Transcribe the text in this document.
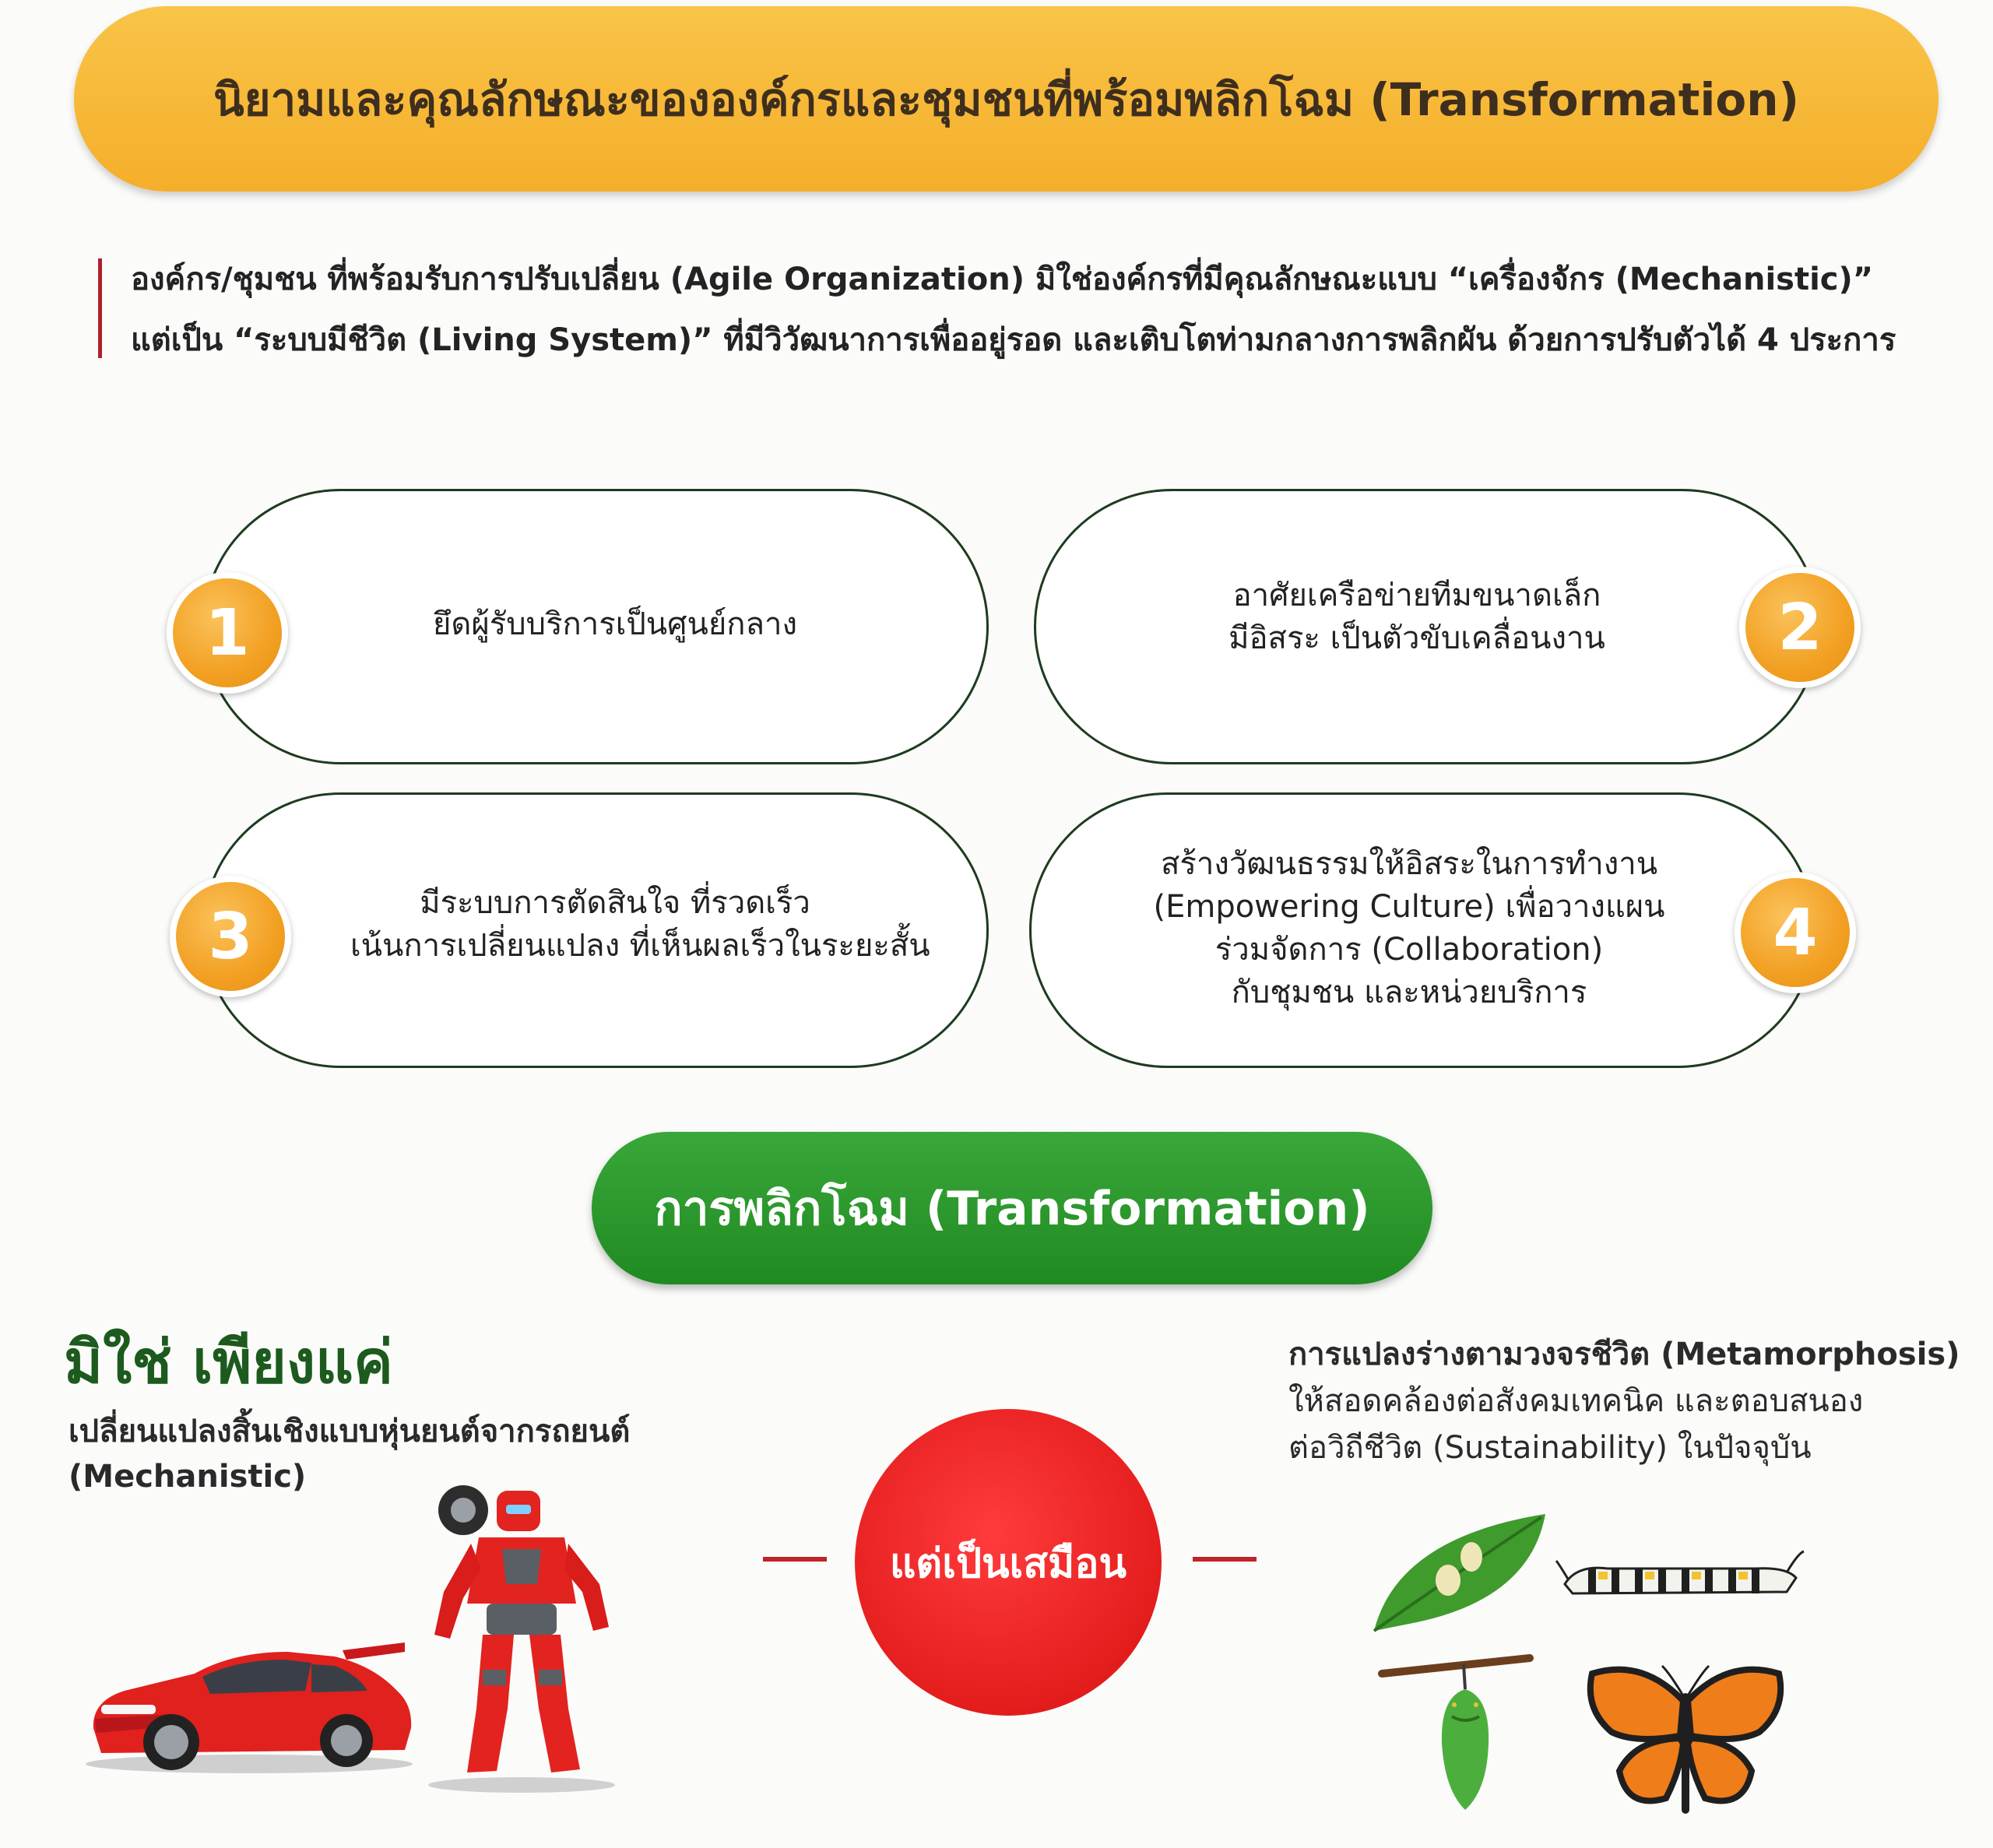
นิยามและคุณลักษณะขององค์กรและชุมชนที่พร้อมพลิกโฉม (Transformation)

องค์กร/ชุมชน ที่พร้อมรับการปรับเปลี่ยน (Agile Organization) มิใช่องค์กรที่มีคุณลักษณะแบบ “เครื่องจักร (Mechanistic)”

แต่เป็น “ระบบมีชีวิต (Living System)” ที่มีวิวัฒนาการเพื่ออยู่รอด และเติบโตท่ามกลางการพลิกผัน ด้วยการปรับตัวได้ 4 ประการ

ยึดผู้รับบริการเป็นศูนย์กลาง
1
อาศัยเครือข่ายทีมขนาดเล็ก
มีอิสระ เป็นตัวขับเคลื่อนงาน	2
มีระบบการตัดสินใจ ที่รวดเร็ว
เน้นการเปลี่ยนแปลง ที่เห็นผลเร็วในระยะสั้น
3
สร้างวัฒนธรรมให้อิสระในการทำงาน
(Empowering Culture) เพื่อวางแผน
ร่วมจัดการ (Collaboration)
กับชุมชน และหน่วยบริการ
4
การพลิกโฉม (Transformation)
มิใช่ เพียงแค่
เปลี่ยนแปลงสิ้นเชิงแบบหุ่นยนต์จากรถยนต์
(Mechanistic)
แต่เป็นเสมือน
การแปลงร่างตามวงจรชีวิต (Metamorphosis)
ให้สอดคล้องต่อสังคมเทคนิค และตอบสนอง
ต่อวิถีชีวิต (Sustainability) ในปัจจุบัน
